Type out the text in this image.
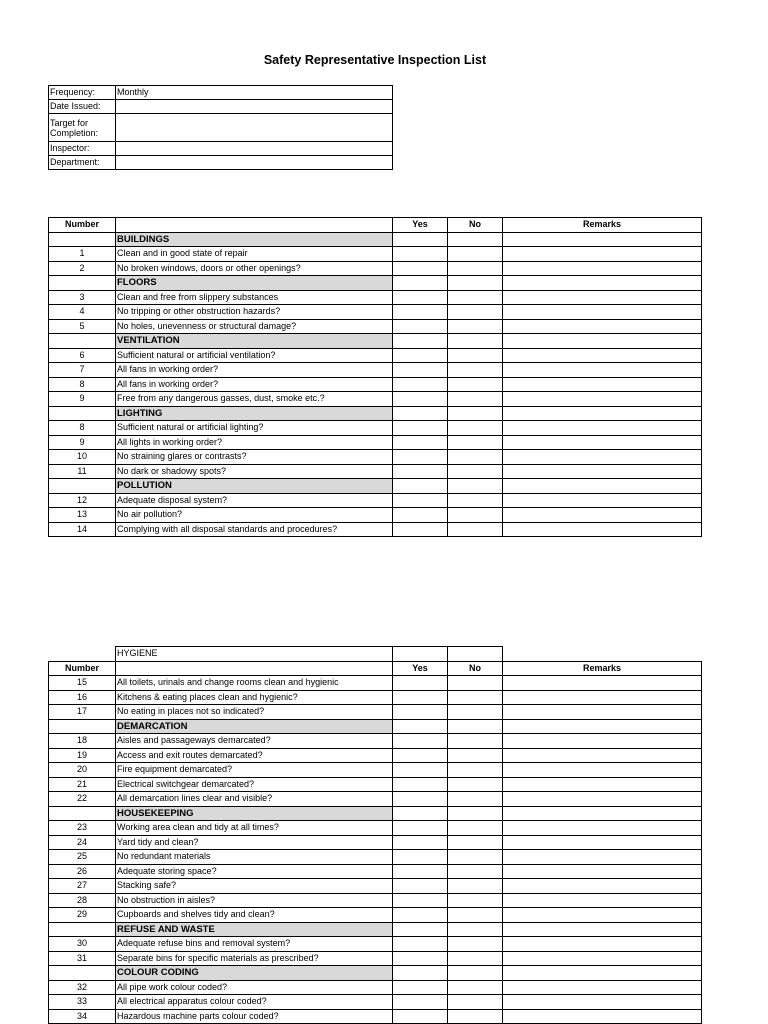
Safety Representative Inspection List
Frequency:	Monthly
Date Issued:	
Target for Completion:	
Inspector:	
Department:	
Number		Yes	No	Remarks
	BUILDINGS			
1	Clean and in good state of repair			
2	No broken windows, doors or other openings?			
	FLOORS			
3	Clean and free from slippery substances			
4	No tripping or other obstruction hazards?			
5	No holes, unevenness or structural damage?			
	VENTILATION			
6	Sufficient natural or artificial ventilation?			
7	All fans in working order?			
8	All fans in working order?			
9	Free from any dangerous gasses, dust, smoke etc.?			
	LIGHTING			
8	Sufficient natural or artificial lighting?			
9	All lights in working order?			
10	No straining glares or contrasts?			
11	No dark or shadowy spots?			
	POLLUTION			
12	Adequate disposal system?			
13	No air pollution?			
14	Complying with all disposal standards and procedures?			
	HYGIENE			
Number		Yes	No	Remarks
15	All toilets, urinals and change rooms clean and hygienic			
16	Kitchens & eating places clean and hygienic?			
17	No eating in places not so indicated?			
	DEMARCATION			
18	Aisles and passageways demarcated?			
19	Access and exit routes demarcated?			
20	Fire equipment demarcated?			
21	Electrical switchgear demarcated?			
22	All demarcation lines clear and visible?			
	HOUSEKEEPING			
23	Working area clean and tidy at all times?			
24	Yard tidy and clean?			
25	No redundant materials			
26	Adequate storing space?			
27	Stacking safe?			
28	No obstruction in aisles?			
29	Cupboards and shelves tidy and clean?			
	REFUSE AND WASTE			
30	Adequate refuse bins and removal system?			
31	Separate bins for specific materials as prescribed?			
	COLOUR CODING			
32	All pipe work colour coded?			
33	All electrical apparatus colour coded?			
34	Hazardous machine parts colour coded?			
